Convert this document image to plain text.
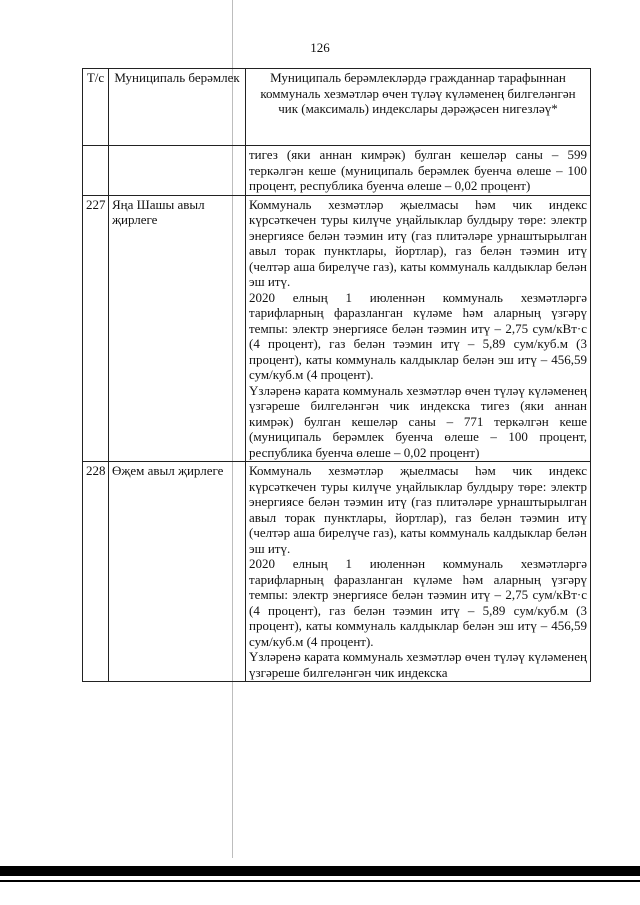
126
Т/с	Муниципаль берәмлек	Муниципаль берәмлекләрдә гражданнар тарафыннан коммуналь хезмәтләр өчен түләү күләменең билгеләнгән чик (максималь) индекслары дәрәҗәсен нигезләү*

		тигез (яки аннан кимрәк) булган кешеләр саны – 599 теркәлгән кеше (муниципаль берәмлек буенча өлеше – 100 процент, республика буенча өлеше – 0,02 процент)

227	Яңа Шашы авыл җирлеге	Коммуналь хезмәтләр җыелмасы һәм чик индекс күрсәткечен туры килүче уңайлыклар булдыру төре: электр энергиясе белән тәэмин итү (газ плитәләре урнаштырылган авыл торак пунктлары, йортлар), газ белән тәэмин итү (челтәр аша бирелүче газ), каты коммуналь калдыклар белән эш итү.
2020 елның 1 июленнән коммуналь хезмәтләргә тарифларның фаразланган күләме һәм аларның үзгәрү темпы: электр энергиясе белән тәэмин итү – 2,75 сум/кВт·с (4 процент), газ белән тәэмин итү – 5,89 сум/куб.м (3 процент), каты коммуналь калдыклар белән эш итү – 456,59 сум/куб.м (4 процент).
Үзләренә карата коммуналь хезмәтләр өчен түләү күләменең үзгәреше билгеләнгән чик индекска тигез (яки аннан кимрәк) булган кешеләр саны – 771 теркәлгән кеше (муниципаль берәмлек буенча өлеше – 100 процент, республика буенча өлеше – 0,02 процент)

228	Өҗем авыл җирлеге	Коммуналь хезмәтләр җыелмасы һәм чик индекс күрсәткечен туры килүче уңайлыклар булдыру төре: электр энергиясе белән тәэмин итү (газ плитәләре урнаштырылган авыл торак пунктлары, йортлар), газ белән тәэмин итү (челтәр аша бирелүче газ), каты коммуналь калдыклар белән эш итү.
2020 елның 1 июленнән коммуналь хезмәтләргә тарифларның фаразланган күләме һәм аларның үзгәрү темпы: электр энергиясе белән тәэмин итү – 2,75 сум/кВт·с (4 процент), газ белән тәэмин итү – 5,89 сум/куб.м (3 процент), каты коммуналь калдыклар белән эш итү – 456,59 сум/куб.м (4 процент).
Үзләренә карата коммуналь хезмәтләр өчен түләү күләменең үзгәреше билгеләнгән чик индекска
